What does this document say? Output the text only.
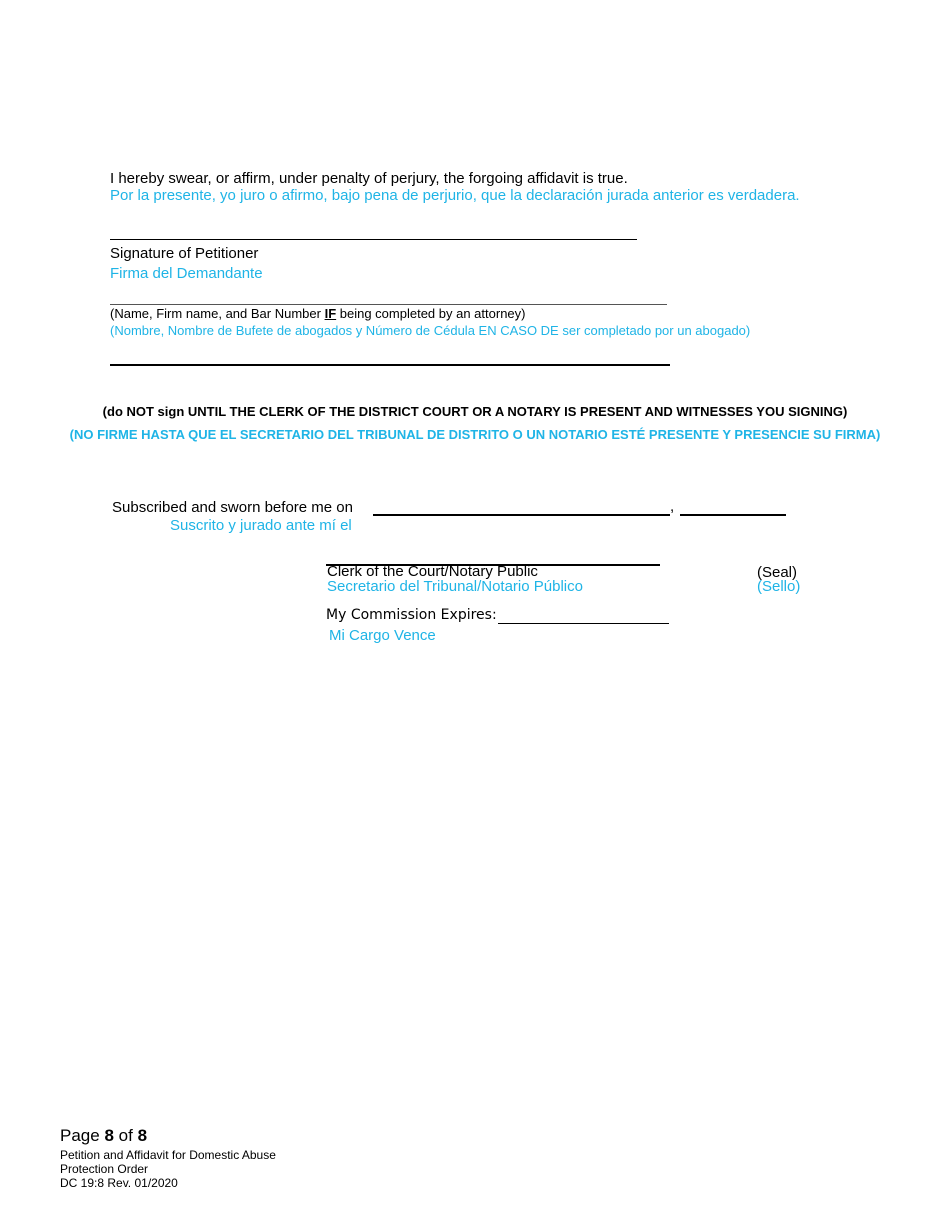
I hereby swear, or affirm, under penalty of perjury, the forgoing affidavit is true.
Por la presente, yo juro o afirmo, bajo pena de perjurio, que la declaración jurada anterior es verdadera.
Signature of Petitioner
Firma del Demandante
(Name, Firm name, and Bar Number IF being completed by an attorney)
(Nombre, Nombre de Bufete de abogados y Número de Cédula EN CASO DE ser completado por un abogado)
(do NOT sign UNTIL THE CLERK OF THE DISTRICT COURT OR A NOTARY IS PRESENT AND WITNESSES YOU SIGNING)
(NO FIRME HASTA QUE EL SECRETARIO DEL TRIBUNAL DE DISTRITO O UN NOTARIO ESTÉ PRESENTE Y PRESENCIE SU FIRMA)
Subscribed and sworn before me on
Suscrito y jurado ante mí el
,
Clerk of the Court/Notary Public
Secretario del Tribunal/Notario Público
(Seal)
(Sello)
My Commission Expires:
Mi Cargo Vence
Page 8 of 8
Petition and Affidavit for Domestic Abuse
Protection Order
DC 19:8 Rev. 01/2020
